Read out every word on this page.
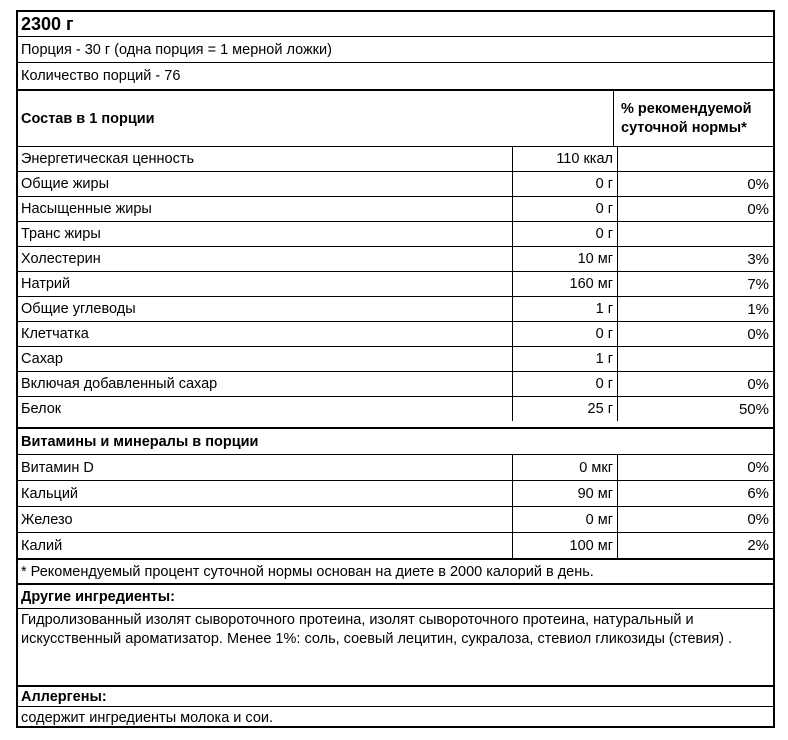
2300 г
Порция - 30 г (одна порция = 1 мерной ложки)
Количество порций - 76
Состав в 1 порции
% рекомендуемой суточной нормы*
Энергетическая ценность	110 ккал
Общие жиры	0 г	0%
Насыщенные жиры	0 г	0%
Транс жиры	0 г
Холестерин	10 мг	3%
Натрий	160 мг	7%
Общие углеводы	1 г	1%
Клетчатка	0 г	0%
Сахар	1 г
Включая добавленный сахар	0 г	0%
Белок	25 г	50%
Витамины и минералы в порции
Витамин D	0 мкг	0%
Кальций	90 мг	6%
Железо	0 мг	0%
Калий	100 мг	2%
* Рекомендуемый процент суточной нормы основан на диете в 2000 калорий в день.
Другие ингредиенты:
Гидролизованный изолят сывороточного протеина, изолят сывороточного протеина, натуральный и искусственный ароматизатор. Менее 1%: соль, соевый лецитин, сукралоза, стевиол гликозиды (стевия) .
Аллергены:
содержит ингредиенты молока и сои.
